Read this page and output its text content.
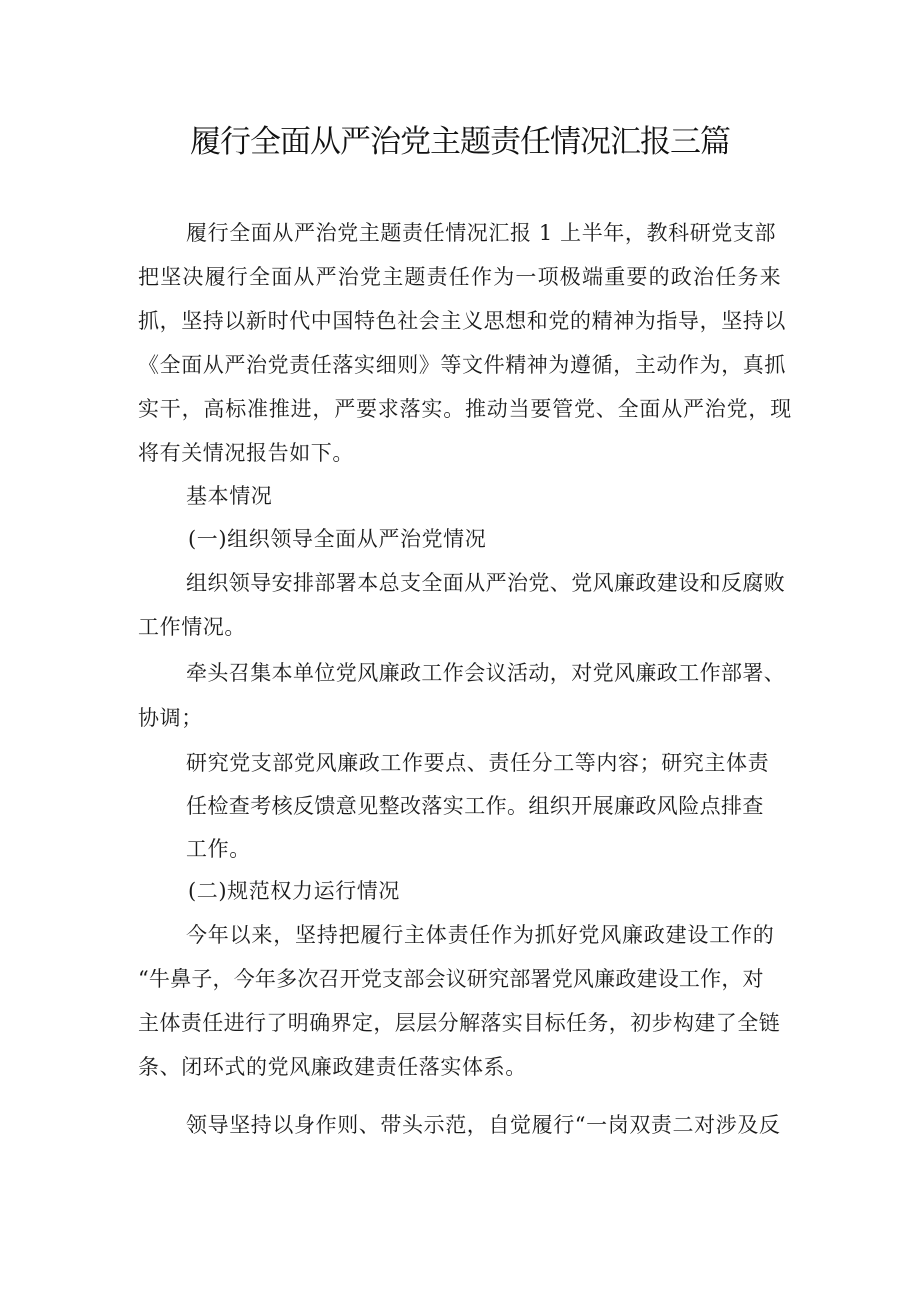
履行全面从严治党主题责任情况汇报三篇

履行全面从严治党主题责任情况汇报 1 上半年，教科研党支部

把坚决履行全面从严治党主题责任作为一项极端重要的政治任务来

抓，坚持以新时代中国特色社会主义思想和党的精神为指导，坚持以

《全面从严治党责任落实细则》等文件精神为遵循，主动作为，真抓

实干，高标准推进，严要求落实。推动当要管党、全面从严治党，现

将有关情况报告如下。

基本情况

(一)组织领导全面从严治党情况

组织领导安排部署本总支全面从严治党、党风廉政建设和反腐败

工作情况。

牵头召集本单位党风廉政工作会议活动，对党风廉政工作部署、

协调；

研究党支部党风廉政工作要点、责任分工等内容；研究主体责

任检查考核反馈意见整改落实工作。组织开展廉政风险点排查

工作。

(二)规范权力运行情况

今年以来，坚持把履行主体责任作为抓好党风廉政建设工作的

“牛鼻子，今年多次召开党支部会议研究部署党风廉政建设工作，对

主体责任进行了明确界定，层层分解落实目标任务，初步构建了全链

条、闭环式的党风廉政建责任落实体系。

领导坚持以身作则、带头示范，自觉履行“一岗双责二对涉及反
